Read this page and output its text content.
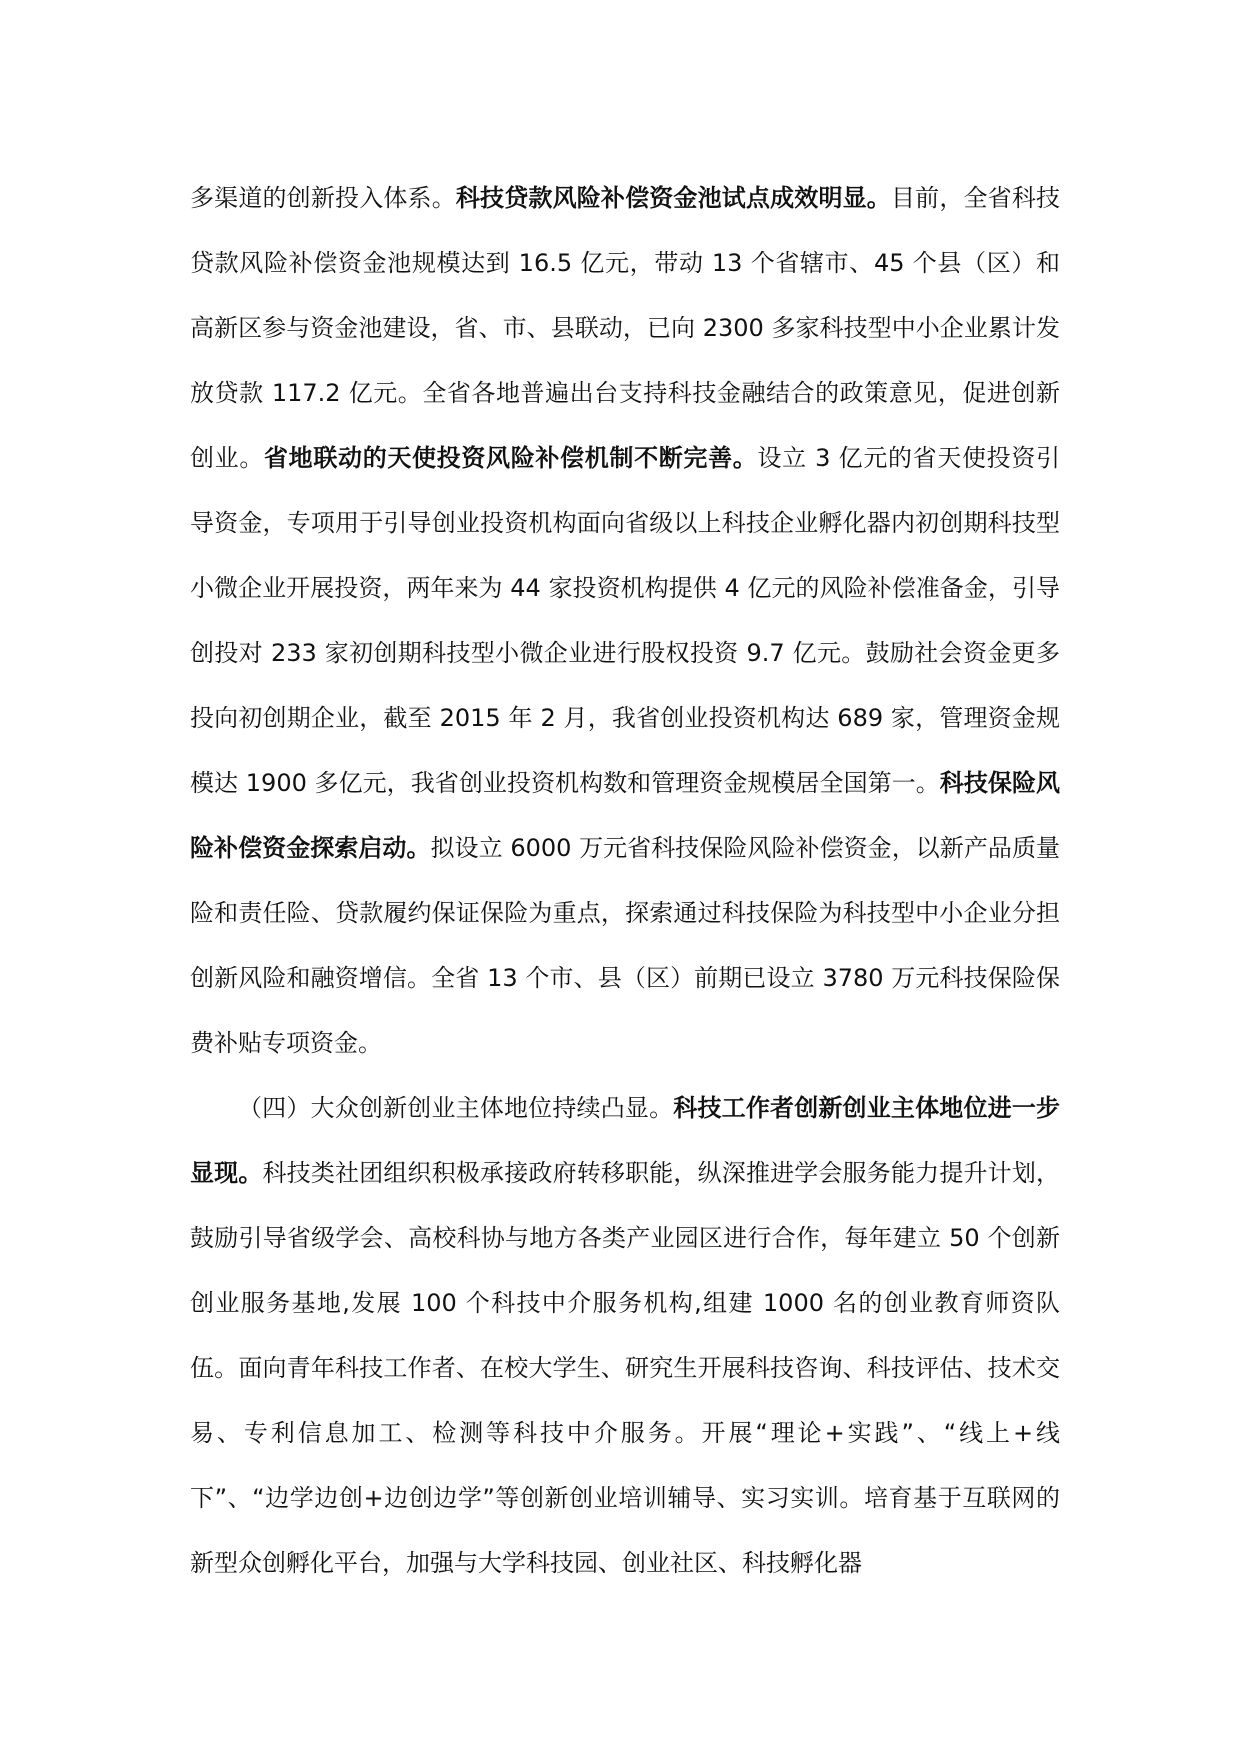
多渠道的创新投入体系。科技贷款风险补偿资金池试点成效明显。目前，全省科技贷款风险补偿资金池规模达到 16.5 亿元，带动 13 个省辖市、45 个县（区）和高新区参与资金池建设，省、市、县联动，已向 2300 多家科技型中小企业累计发放贷款 117.2 亿元。全省各地普遍出台支持科技金融结合的政策意见，促进创新创业。省地联动的天使投资风险补偿机制不断完善。设立 3 亿元的省天使投资引导资金，专项用于引导创业投资机构面向省级以上科技企业孵化器内初创期科技型小微企业开展投资，两年来为 44 家投资机构提供 4 亿元的风险补偿准备金，引导创投对 233 家初创期科技型小微企业进行股权投资 9.7 亿元。鼓励社会资金更多投向初创期企业，截至 2015 年 2 月，我省创业投资机构达 689 家，管理资金规模达 1900 多亿元，我省创业投资机构数和管理资金规模居全国第一。科技保险风险补偿资金探索启动。拟设立 6000 万元省科技保险风险补偿资金，以新产品质量险和责任险、贷款履约保证保险为重点，探索通过科技保险为科技型中小企业分担创新风险和融资增信。全省 13 个市、县（区）前期已设立 3780 万元科技保险保费补贴专项资金。

（四）大众创新创业主体地位持续凸显。科技工作者创新创业主体地位进一步显现。科技类社团组织积极承接政府转移职能，纵深推进学会服务能力提升计划，鼓励引导省级学会、高校科协与地方各类产业园区进行合作，每年建立 50 个创新创业服务基地,发展 100 个科技中介服务机构,组建 1000 名的创业教育师资队伍。面向青年科技工作者、在校大学生、研究生开展科技咨询、科技评估、技术交易、专利信息加工、检测等科技中介服务。开展“理论+实践”、“线上+线下”、“边学边创+边创边学”等创新创业培训辅导、实习实训。培育基于互联网的新型众创孵化平台，加强与大学科技园、创业社区、科技孵化器
